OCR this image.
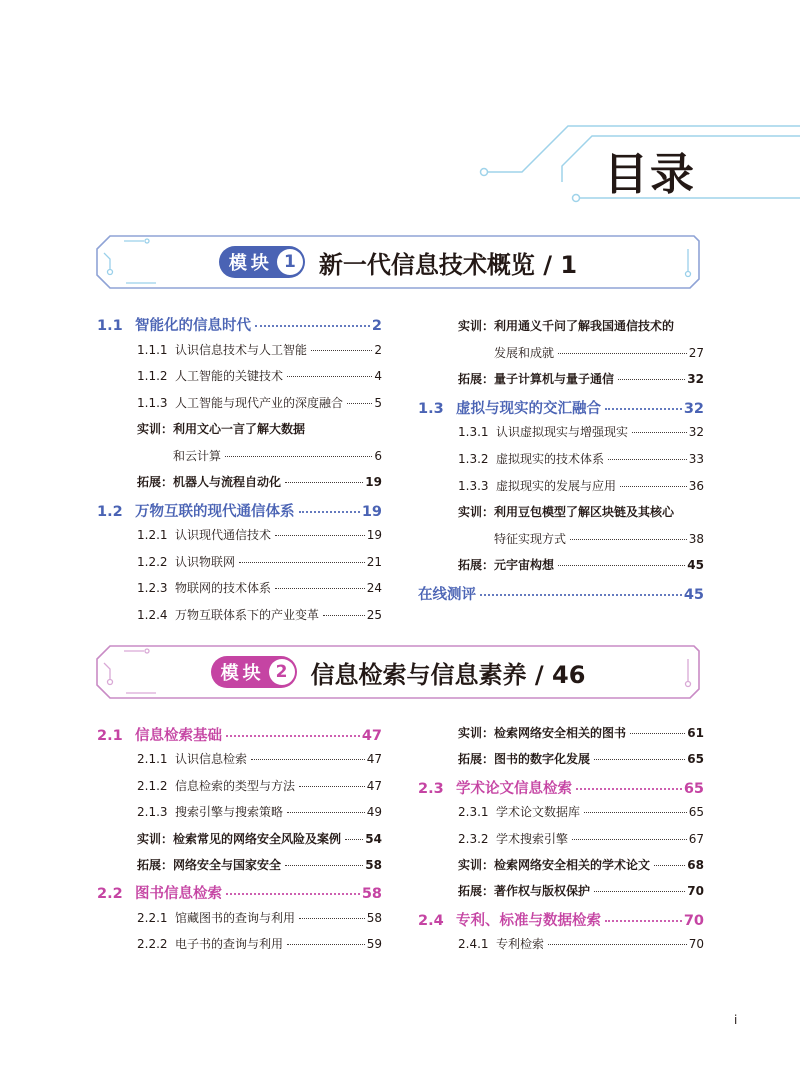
目录
模 块 1 新一代信息技术概览 / 1
1.1 智能化的信息时代	2
1.1.1 认识信息技术与人工智能	2
1.1.2 人工智能的关键技术	4
1.1.3 人工智能与现代产业的深度融合	5
实训： 利用文心一言了解大数据
和云计算	6
拓展： 机器人与流程自动化	19
1.2 万物互联的现代通信体系	19
1.2.1 认识现代通信技术	19
1.2.2 认识物联网	21
1.2.3 物联网的技术体系	24
1.2.4 万物互联体系下的产业变革	25
实训： 利用通义千问了解我国通信技术的
发展和成就	27
拓展： 量子计算机与量子通信	32
1.3 虚拟与现实的交汇融合	32
1.3.1 认识虚拟现实与增强现实	32
1.3.2 虚拟现实的技术体系	33
1.3.3 虚拟现实的发展与应用	36
实训： 利用豆包模型了解区块链及其核心
特征实现方式	38
拓展： 元宇宙构想	45
在线测评	45
模 块 2 信息检索与信息素养 / 46
2.1 信息检索基础	47
2.1.1 认识信息检索	47
2.1.2 信息检索的类型与方法	47
2.1.3 搜索引擎与搜索策略	49
实训： 检索常见的网络安全风险及案例 54
拓展： 网络安全与国家安全	58
2.2 图书信息检索	58
2.2.1 馆藏图书的查询与利用	58
2.2.2 电子书的查询与利用	59
实训： 检索网络安全相关的图书	61
拓展： 图书的数字化发展	65
2.3 学术论文信息检索	65
2.3.1 学术论文数据库	65
2.3.2 学术搜索引擎	67
实训： 检索网络安全相关的学术论文	68
拓展： 著作权与版权保护	70
2.4 专利、标准与数据检索	70
2.4.1 专利检索	70
i
